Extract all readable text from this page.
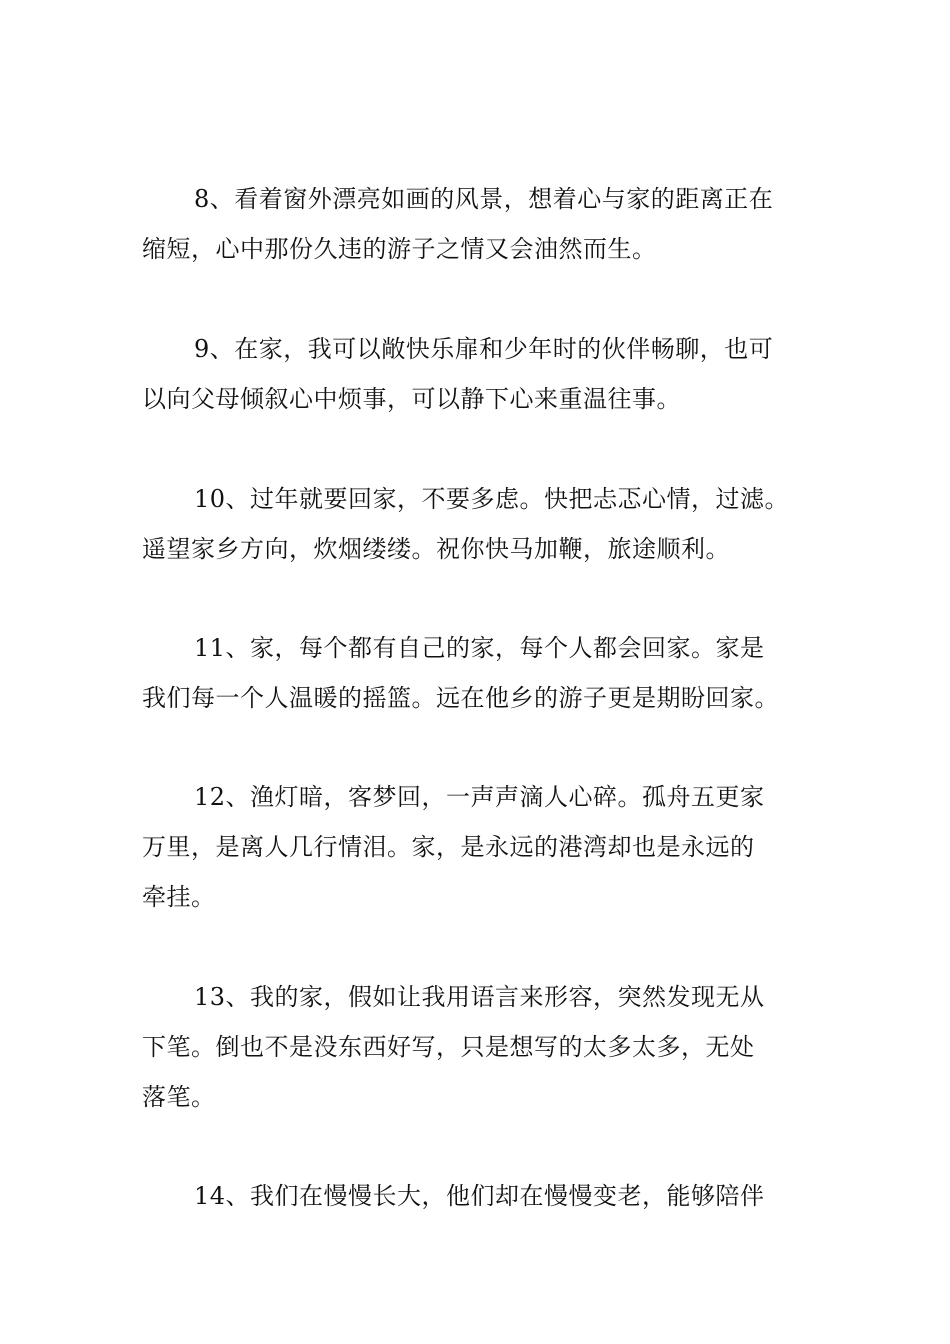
8、看着窗外漂亮如画的风景，想着心与家的距离正在
缩短，心中那份久违的游子之情又会油然而生。
9、在家，我可以敞快乐扉和少年时的伙伴畅聊，也可
以向父母倾叙心中烦事，可以静下心来重温往事。
10、过年就要回家，不要多虑。快把忐忑心情，过滤。
遥望家乡方向，炊烟缕缕。祝你快马加鞭，旅途顺利。
11、家，每个都有自己的家，每个人都会回家。家是
我们每一个人温暖的摇篮。远在他乡的游子更是期盼回家。
12、渔灯暗，客梦回，一声声滴人心碎。孤舟五更家
万里，是离人几行情泪。家，是永远的港湾却也是永远的
牵挂。
13、我的家，假如让我用语言来形容，突然发现无从
下笔。倒也不是没东西好写，只是想写的太多太多，无处
落笔。
14、我们在慢慢长大，他们却在慢慢变老，能够陪伴
